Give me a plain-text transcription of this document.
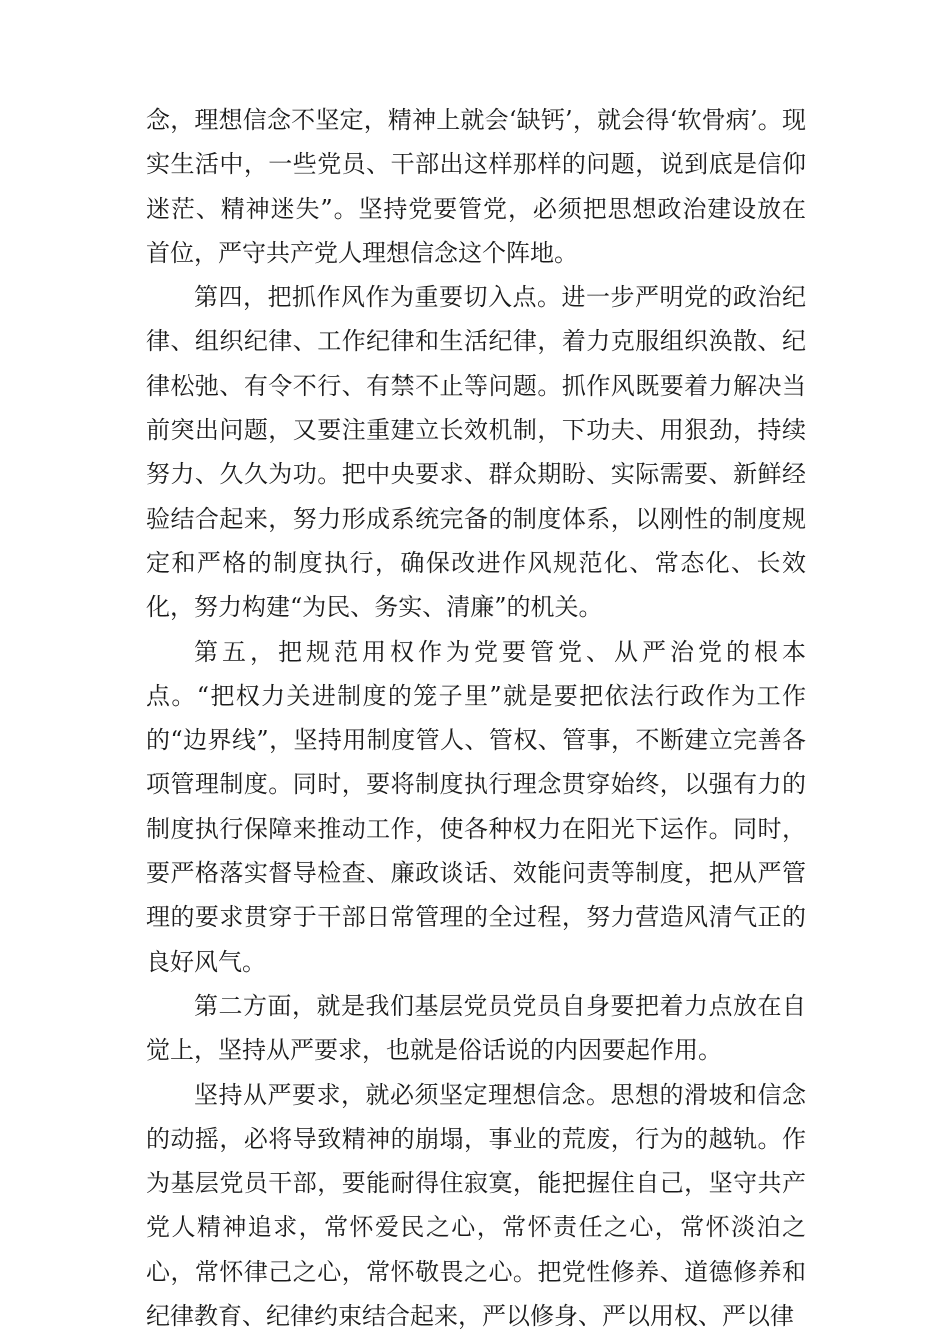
念，理想信念不坚定，精神上就会‘缺钙’，就会得‘软骨病’。现实生活中，一些党员、干部出这样那样的问题，说到底是信仰迷茫、精神迷失”。坚持党要管党，必须把思想政治建设放在首位，严守共产党人理想信念这个阵地。

第四，把抓作风作为重要切入点。进一步严明党的政治纪律、组织纪律、工作纪律和生活纪律，着力克服组织涣散、纪律松弛、有令不行、有禁不止等问题。抓作风既要着力解决当前突出问题，又要注重建立长效机制，下功夫、用狠劲，持续努力、久久为功。把中央要求、群众期盼、实际需要、新鲜经验结合起来，努力形成系统完备的制度体系，以刚性的制度规定和严格的制度执行，确保改进作风规范化、常态化、长效化，努力构建“为民、务实、清廉”的机关。

第五，把规范用权作为党要管党、从严治党的根本点。“把权力关进制度的笼子里”就是要把依法行政作为工作的“边界线”，坚持用制度管人、管权、管事，不断建立完善各项管理制度。同时，要将制度执行理念贯穿始终，以强有力的制度执行保障来推动工作，使各种权力在阳光下运作。同时，要严格落实督导检查、廉政谈话、效能问责等制度，把从严管理的要求贯穿于干部日常管理的全过程，努力营造风清气正的良好风气。

第二方面，就是我们基层党员党员自身要把着力点放在自觉上，坚持从严要求，也就是俗话说的内因要起作用。

坚持从严要求，就必须坚定理想信念。思想的滑坡和信念的动摇，必将导致精神的崩塌，事业的荒废，行为的越轨。作为基层党员干部，要能耐得住寂寞，能把握住自己，坚守共产党人精神追求，常怀爱民之心，常怀责任之心，常怀淡泊之心，常怀律己之心，常怀敬畏之心。把党性修养、道德修养和纪律教育、纪律约束结合起来，严以修身、严以用权、严以律
